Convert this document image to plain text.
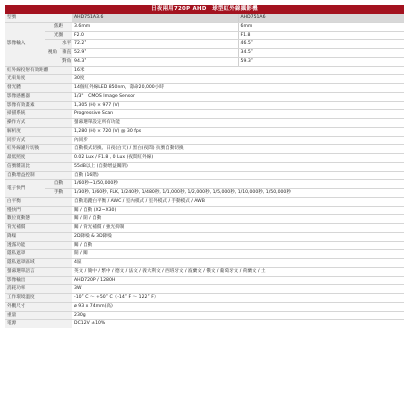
日夜兩用720P AHD　球型紅外線攝影機
型號			AHD751A3.6	AHD751A6
影像輸入	焦距		3.6mm	6mm
	光圈		F2.0	F1.8
	視角	水平	72.2˚	46.5˚
		垂直	52.9˚	34.5˚
		對角	94.3˚	59.3˚
紅外線投射有效距離			16米	
光束角度			30度	
發光體			14個紅外線LED 850nm，壽命20,000小時	
影像感應器			1/3"　CMOS Image Sensor	
影像有效畫素			1,305 (H) × 977 (V)	
掃描系統			Progressive Scan	
操作方式			螢幕選單設定所有功能	
解析度			1,280 (H) × 720 (V) @ 30 fps	
同步方式			內同步	
紅外線濾片切換			自動模式切換、日夜(白天) / 黑白(夜間) 抗號自動切換	
最低照度			0.02 Lux / F1.8 , 0 Lux (夜間紅外線)	
信號雜訊比			55dB以上 (自動增益關閉)	
自動增益控制			自動 (16階)	
電子快門	自動		1/60秒~1/50,000秒	
	手動		1/30秒, 1/60秒, FLK, 1/240秒, 1/480秒, 1/1,000秒, 1/2,000秒, 1/5,000秒, 1/10,000秒, 1/50,000秒	
白平衡			自動追蹤白平衡 / AWC / 室內模式 / 室外模式 / 手動模式 / AWB	
慢快門			關 / 自動 (X2~X30)	
數位寬動態			關 / 開 / 自動	
背光補償			關 / 背光補償 / 強光抑制	
降噪			2D降噪 & 3D降噪	
透霧功能			關 / 自動	
隱私遮罩			開 / 關	
隱私遮罩區域			4區	
螢幕選單語言			英文 / 簡中 / 繁中 / 德文 / 法文 / 義大利文 / 西班牙文 / 波蘭文 / 俄文 / 葡萄牙文 / 荷蘭文 / 土	
影像輸出			AHD720P / 1280H	
消耗功率			3W	
工作環境溫度			-10˚ C ～ +50˚ C（-14˚ F ～ 122˚ F）	
外觀尺寸			ø 93 x 74mm(高)	
重量			230g	
電源			DC12V ±10%	
